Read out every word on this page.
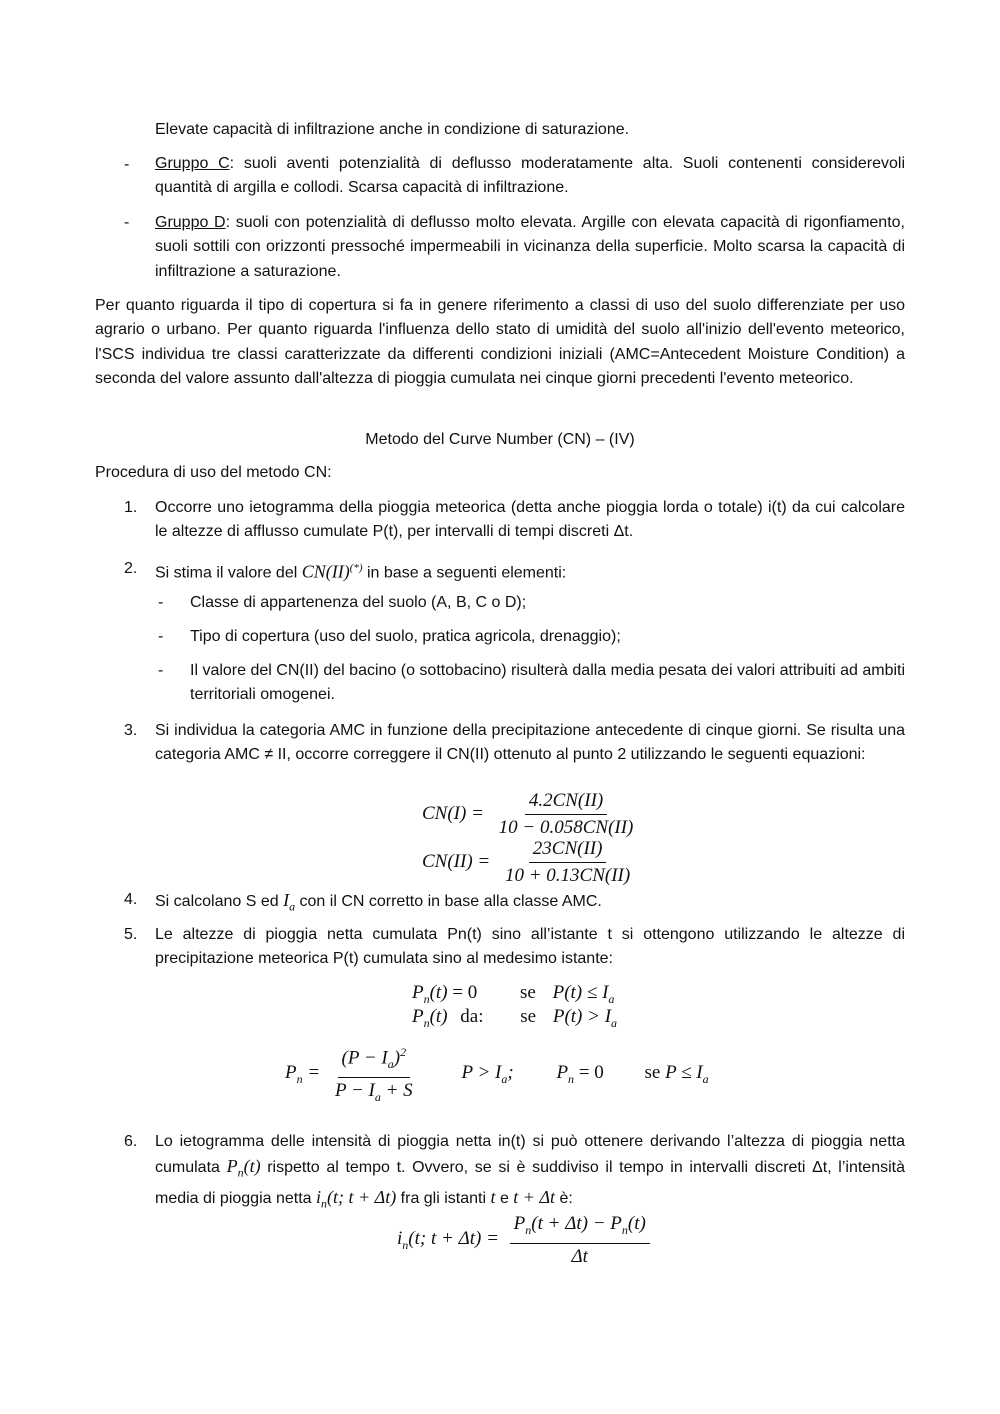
Elevate capacità di infiltrazione anche in condizione di saturazione.
- Gruppo C: suoli aventi potenzialità di deflusso moderatamente alta. Suoli contenenti considerevoli quantità di argilla e collodi. Scarsa capacità di infiltrazione.
- Gruppo D: suoli con potenzialità di deflusso molto elevata. Argille con elevata capacità di rigonfiamento, suoli sottili con orizzonti pressoché impermeabili in vicinanza della superficie. Molto scarsa la capacità di infiltrazione a saturazione.
Per quanto riguarda il tipo di copertura si fa in genere riferimento a classi di uso del suolo differenziate per uso agrario o urbano. Per quanto riguarda l'influenza dello stato di umidità del suolo all'inizio dell'evento meteorico, l'SCS individua tre classi caratterizzate da differenti condizioni iniziali (AMC=Antecedent Moisture Condition) a seconda del valore assunto dall'altezza di pioggia cumulata nei cinque giorni precedenti l'evento meteorico.
Metodo del Curve Number (CN) – (IV)
Procedura di uso del metodo CN:
1. Occorre uno ietogramma della pioggia meteorica (detta anche pioggia lorda o totale) i(t) da cui calcolare le altezze di afflusso cumulate P(t), per intervalli di tempi discreti Δt.
2. Si stima il valore del CN(II)(*) in base a seguenti elementi:
- Classe di appartenenza del suolo (A, B, C o D);
- Tipo di copertura (uso del suolo, pratica agricola, drenaggio);
- Il valore del CN(II) del bacino (o sottobacino) risulterà dalla media pesata dei valori attribuiti ad ambiti territoriali omogenei.
3. Si individua la categoria AMC in funzione della precipitazione antecedente di cinque giorni. Se risulta una categoria AMC ≠ II, occorre correggere il CN(II) ottenuto al punto 2 utilizzando le seguenti equazioni:
$CN(I) = \frac{4.2CN(II)}{10 - 0.058CN(II)}$
$CN(II) = \frac{23CN(II)}{10 + 0.13CN(II)}$
4. Si calcolano S ed $I_a$ con il CN corretto in base alla classe AMC.
5. Le altezze di pioggia netta cumulata Pn(t) sino all’istante t si ottengono utilizzando le altezze di precipitazione meteorica P(t) cumulata sino al medesimo istante:
$P_n(t) = 0$ se $P(t) \le I_a$
$P_n(t)$ da: se $P(t) > I_a$
$P_n = \frac{(P - I_a)^2}{P - I_a + S}$ $P > I_a$; $P_n = 0$ se $P \le I_a$
6. Lo ietogramma delle intensità di pioggia netta in(t) si può ottenere derivando l’altezza di pioggia netta cumulata $P_n(t)$ rispetto al tempo t. Ovvero, se si è suddiviso il tempo in intervalli discreti Δt, l’intensità media di pioggia netta $i_n(t$; t + Δt) fra gli istanti t e t + Δt è:
$i_n(t$; $t + \Delta t) = \frac{P_n(t + \Delta t) - P_n(t)}{\Delta t}$
